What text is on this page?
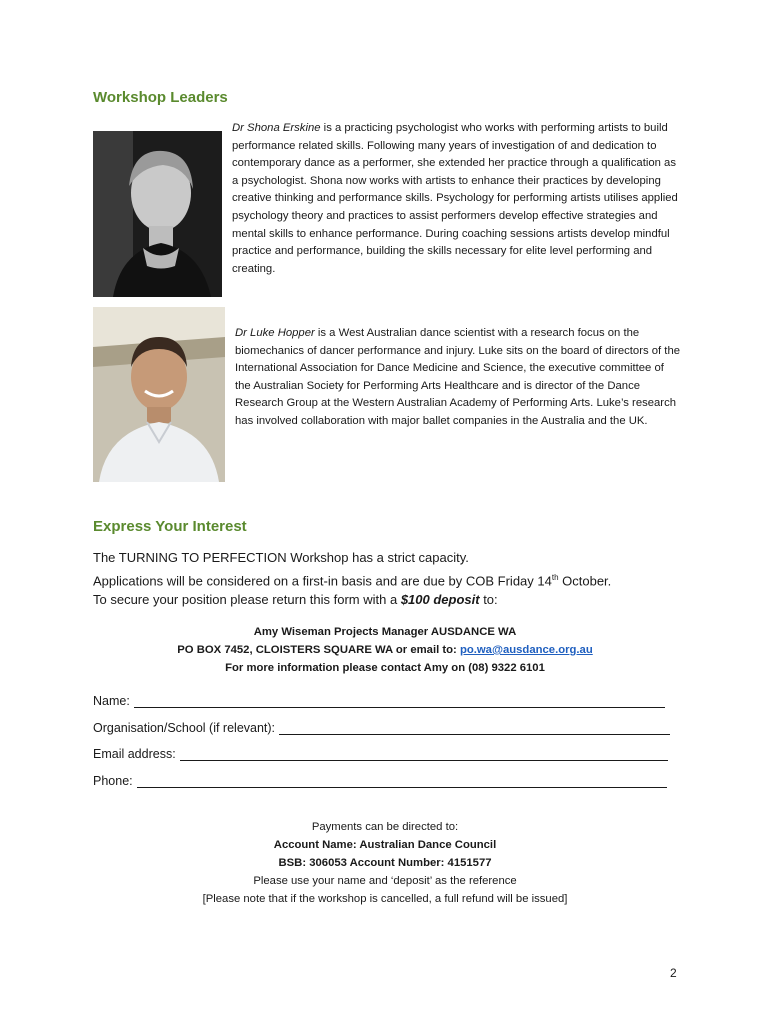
Workshop Leaders
Dr Shona Erskine is a practicing psychologist who works with performing artists to build performance related skills. Following many years of investigation of and dedication to contemporary dance as a performer, she extended her practice through a qualification as a psychologist. Shona now works with artists to enhance their practices by developing creative thinking and performance skills. Psychology for performing artists utilises applied psychology theory and practices to assist performers develop effective strategies and mental skills to enhance performance. During coaching sessions artists develop mindful practice and performance, building the skills necessary for elite level performing and creating.
Dr Luke Hopper is a West Australian dance scientist with a research focus on the biomechanics of dancer performance and injury. Luke sits on the board of directors of the International Association for Dance Medicine and Science, the executive committee of the Australian Society for Performing Arts Healthcare and is director of the Dance Research Group at the Western Australian Academy of Performing Arts. Luke’s research has involved collaboration with major ballet companies in the Australia and the UK.
Express Your Interest
The TURNING TO PERFECTION Workshop has a strict capacity.
Applications will be considered on a first-in basis and are due by COB Friday 14th October.
To secure your position please return this form with a $100 deposit to:
Amy Wiseman Projects Manager AUSDANCE WA
PO BOX 7452, CLOISTERS SQUARE WA or email to: po.wa@ausdance.org.au
For more information please contact Amy on (08) 9322 6101
Name:
Organisation/School (if relevant):
Email address:
Phone:
Payments can be directed to:
Account Name: Australian Dance Council
BSB: 306053 Account Number: 4151577
Please use your name and ‘deposit’ as the reference
[Please note that if the workshop is cancelled, a full refund will be issued]
2
